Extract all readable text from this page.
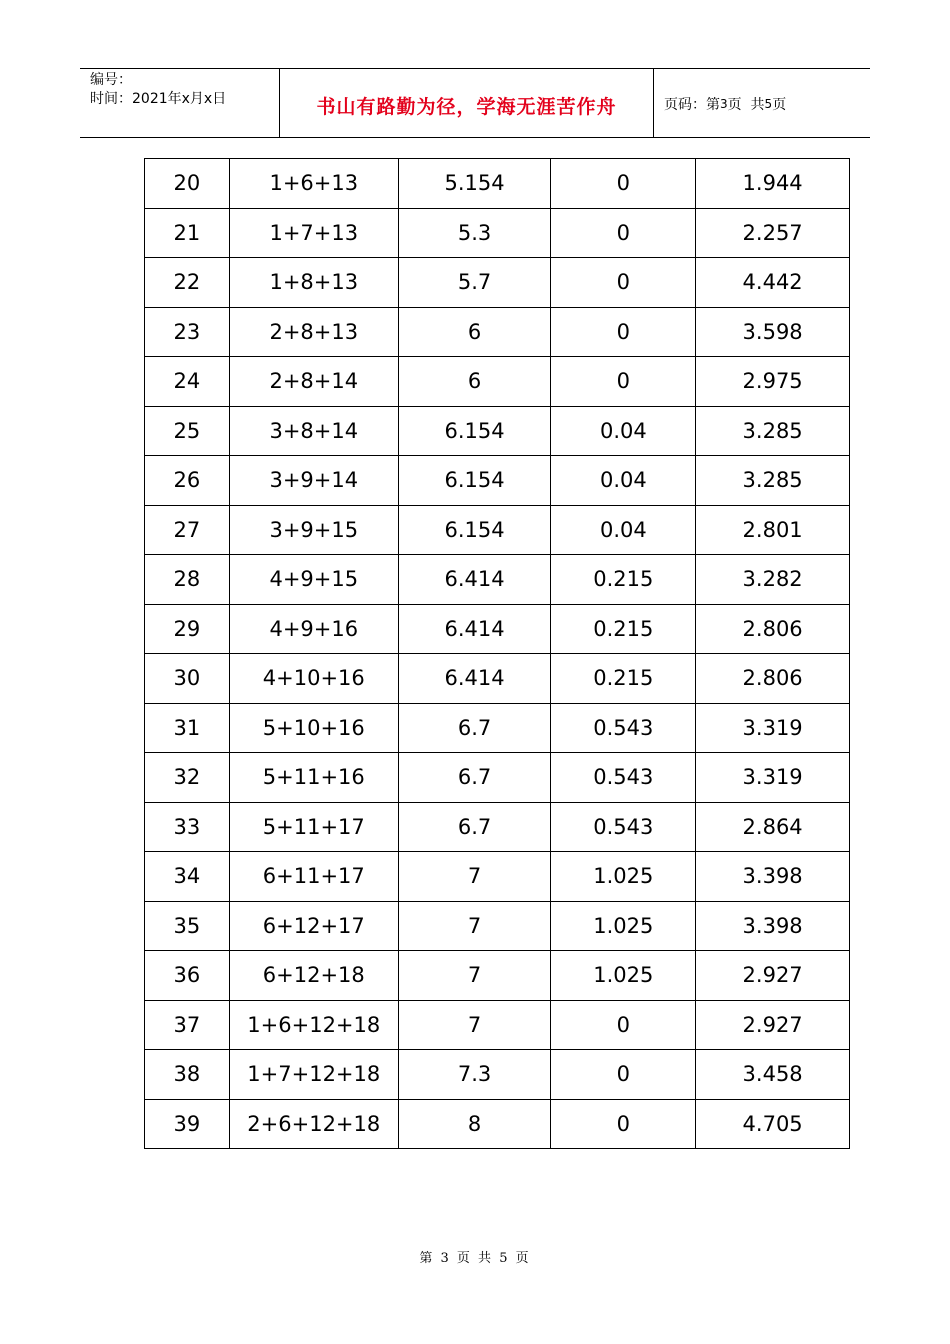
编号：
时间：2021年x月x日	书山有路勤为径，学海无涯苦作舟	页码：第 3 页  共 5 页
20	1+6+13	5.154	0	1.944
21	1+7+13	5.3	0	2.257
22	1+8+13	5.7	0	4.442
23	2+8+13	6	0	3.598
24	2+8+14	6	0	2.975
25	3+8+14	6.154	0.04	3.285
26	3+9+14	6.154	0.04	3.285
27	3+9+15	6.154	0.04	2.801
28	4+9+15	6.414	0.215	3.282
29	4+9+16	6.414	0.215	2.806
30	4+10+16	6.414	0.215	2.806
31	5+10+16	6.7	0.543	3.319
32	5+11+16	6.7	0.543	3.319
33	5+11+17	6.7	0.543	2.864
34	6+11+17	7	1.025	3.398
35	6+12+17	7	1.025	3.398
36	6+12+18	7	1.025	2.927
37	1+6+12+18	7	0	2.927
38	1+7+12+18	7.3	0	3.458
39	2+6+12+18	8	0	4.705
第 3 页 共 5 页
